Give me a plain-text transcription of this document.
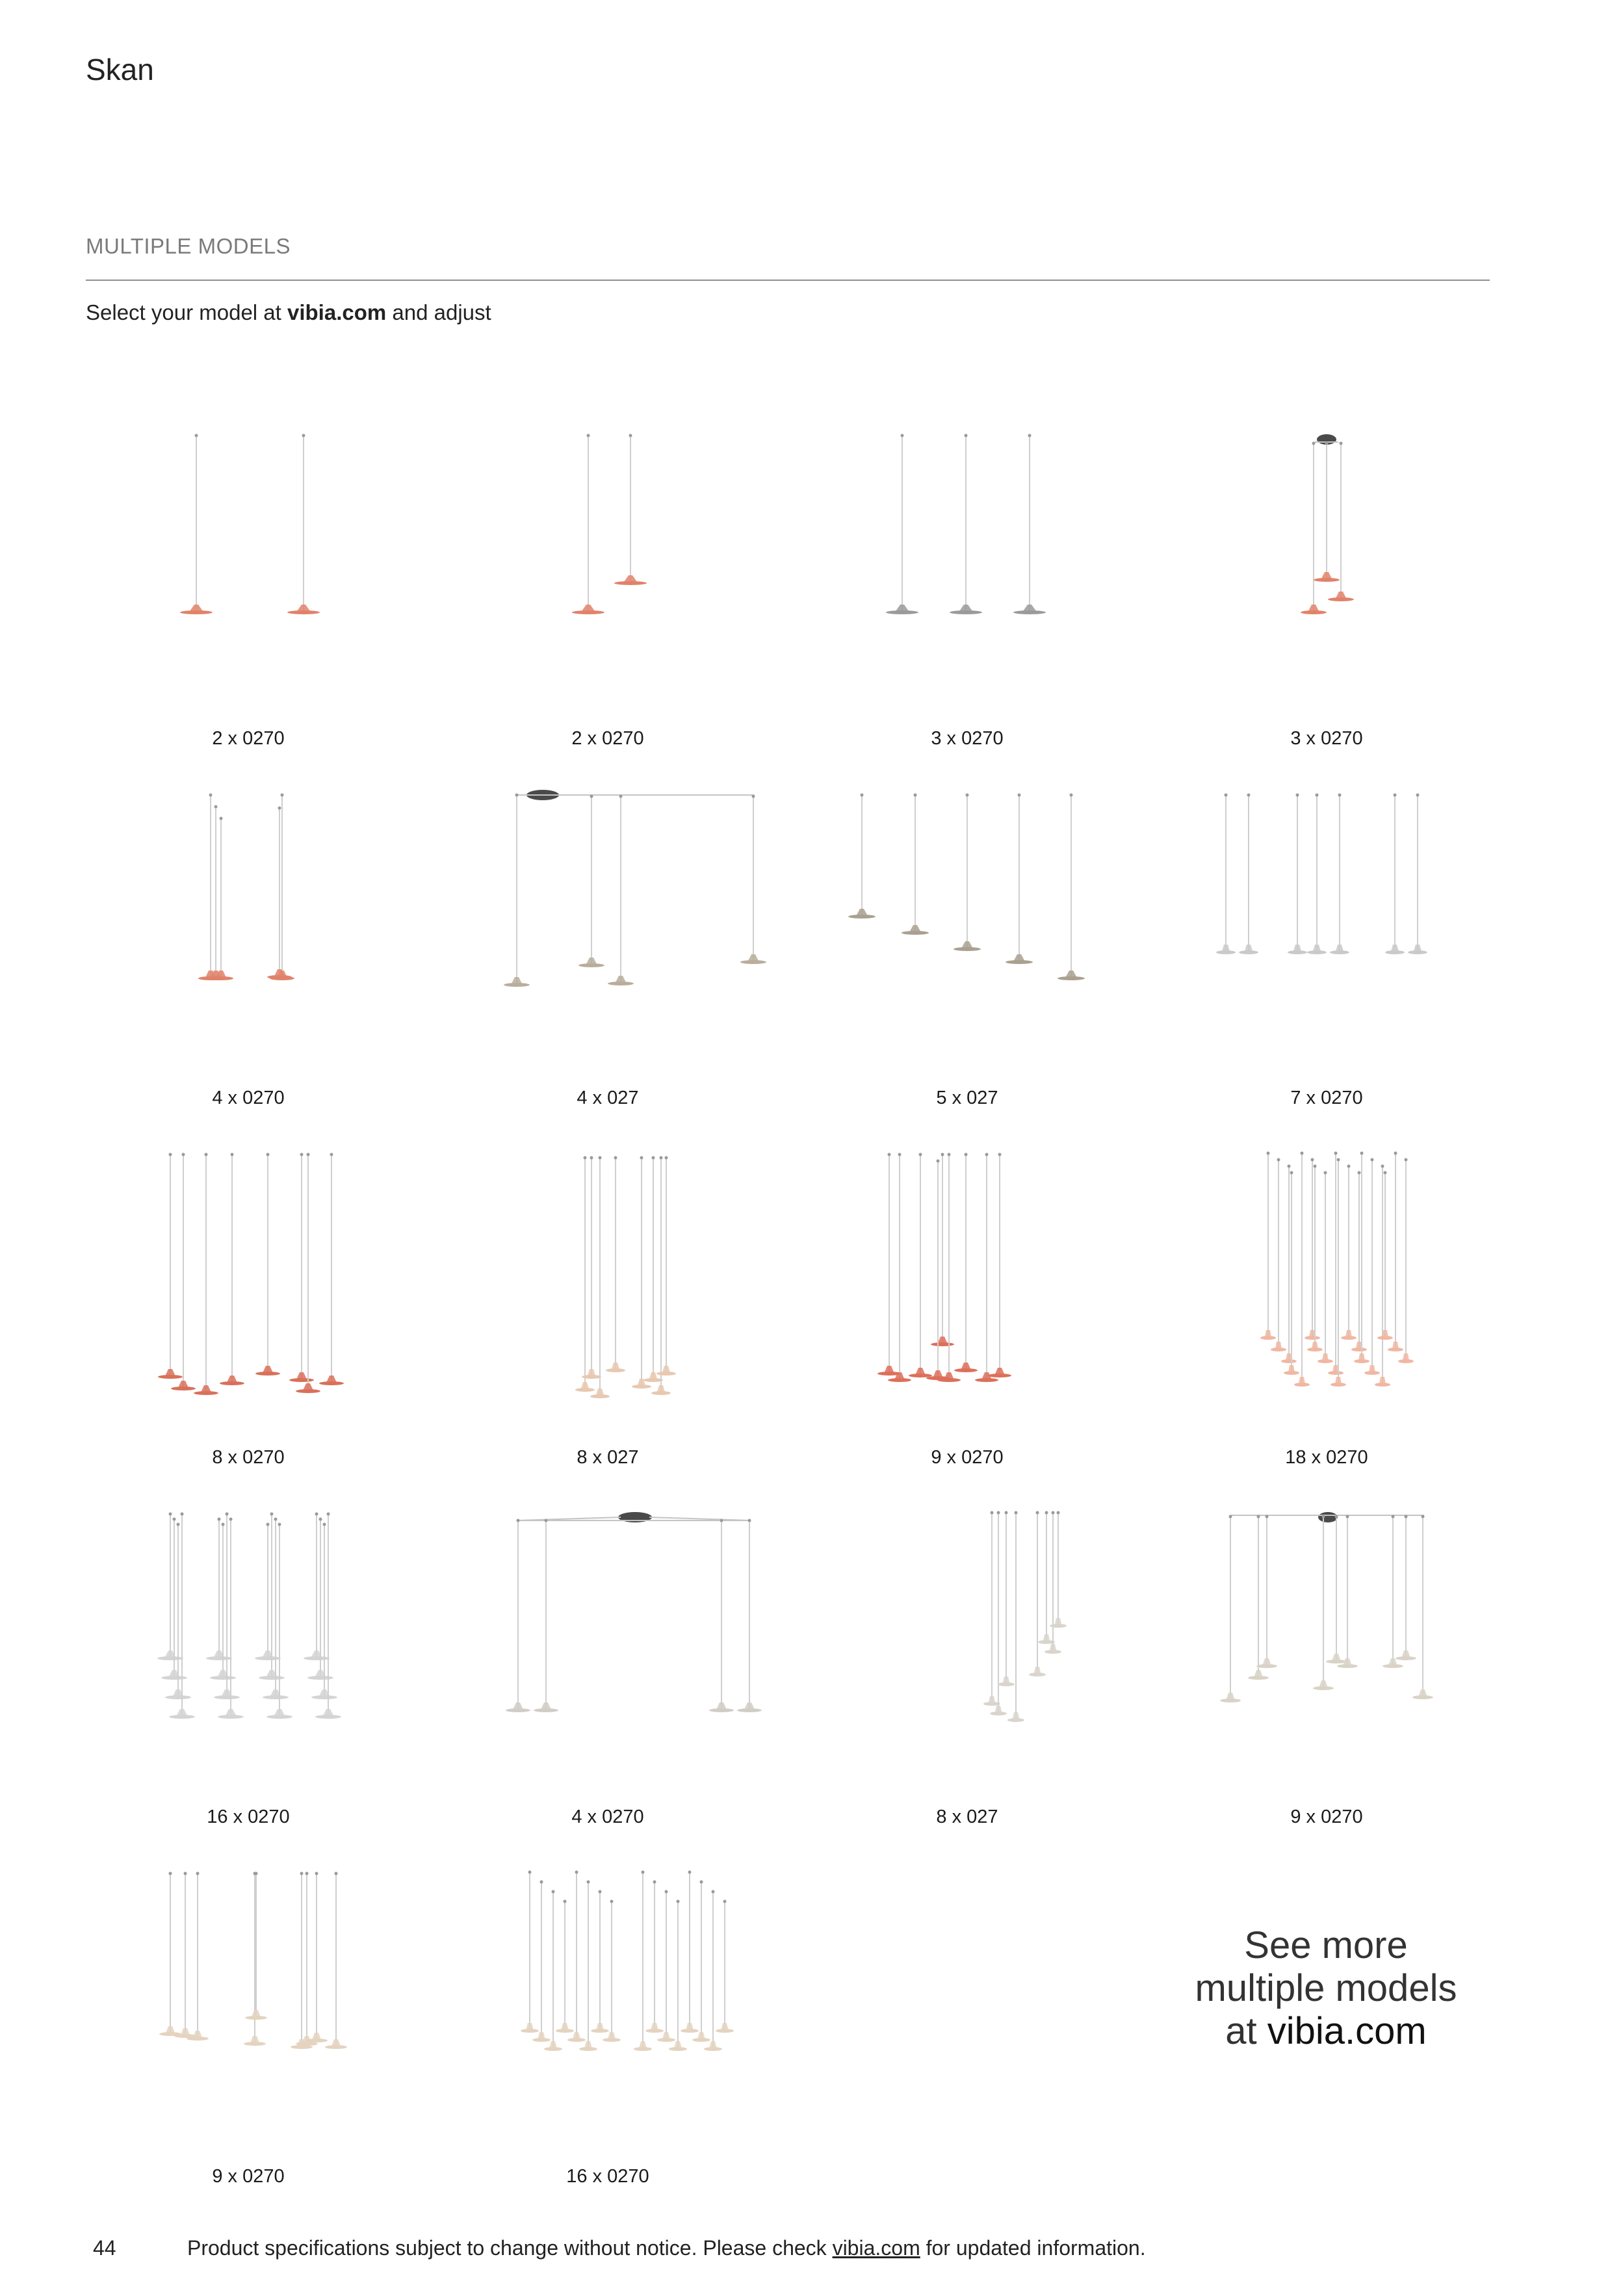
Skan
MULTIPLE MODELS
Select your model at vibia.com and adjust
2 x 0270	2 x 0270	3 x 0270	3 x 0270
4 x 0270	4 x 027	5 x 027	7 x 0270
8 x 0270	8 x 027	9 x 0270	18 x 0270
16 x 0270	4 x 0270	8 x 027	9 x 0270
9 x 0270	16 x 0270
See more
multiple models
at vibia.com
44	Product specifications subject to change without notice. Please check vibia.com for updated information.
